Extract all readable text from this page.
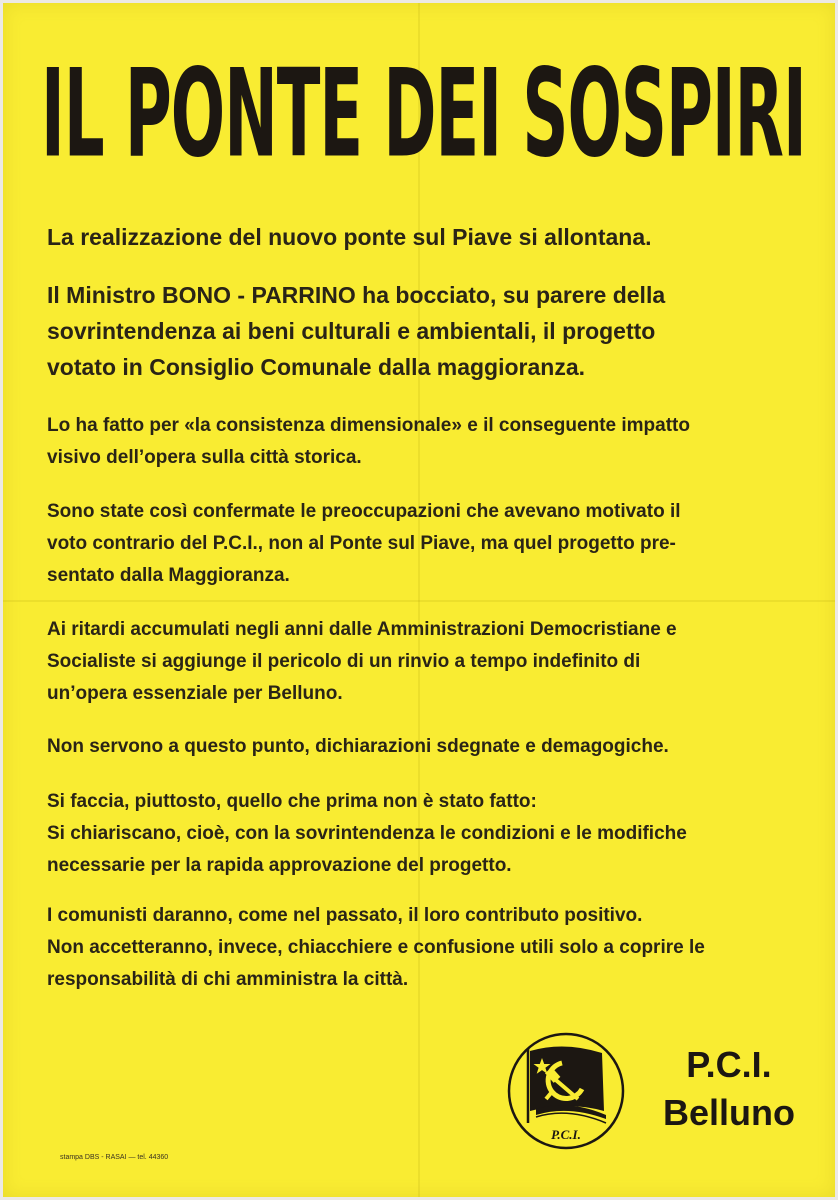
IL PONTE DEI SOSPIRI

La realizzazione del nuovo ponte sul Piave si allontana.

Il Ministro BONO - PARRINO ha bocciato, su parere della
sovrintendenza ai beni culturali e ambientali, il progetto
votato in Consiglio Comunale dalla maggioranza.

Lo ha fatto per «la consistenza dimensionale» e il conseguente impatto
visivo dell’opera sulla città storica.

Sono state così confermate le preoccupazioni che avevano motivato il
voto contrario del P.C.I., non al Ponte sul Piave, ma quel progetto pre-
sentato dalla Maggioranza.

Ai ritardi accumulati negli anni dalle Amministrazioni Democristiane e
Socialiste si aggiunge il pericolo di un rinvio a tempo indefinito di
un’opera essenziale per Belluno.

Non servono a questo punto, dichiarazioni sdegnate e demagogiche.

Si faccia, piuttosto, quello che prima non è stato fatto:
Si chiariscano, cioè, con la sovrintendenza le condizioni e le modifiche
necessarie per la rapida approvazione del progetto.

I comunisti daranno, come nel passato, il loro contributo positivo.
Non accetteranno, invece, chiacchiere e confusione utili solo a coprire le
responsabilità di chi amministra la città.

P.C.I.
P.C.I.
Belluno
stampa DBS - RASAI — tel. 44360
